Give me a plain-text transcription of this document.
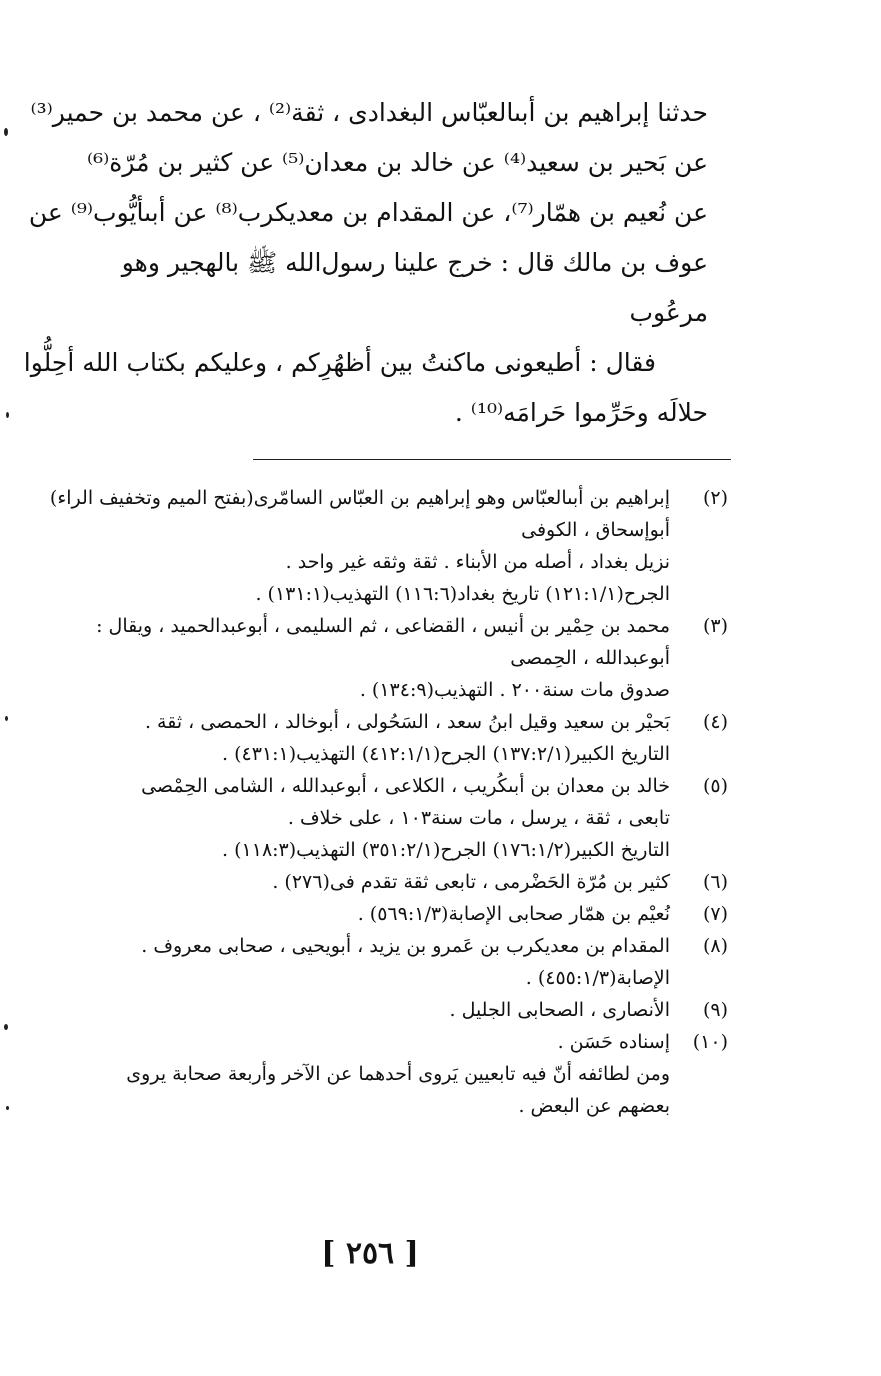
حدثنا إبراهيم بن أبىالعبّاس البغدادى ، ثقة⁽²⁾ ، عن محمد بن حمير⁽³⁾
عن بَحير بن سعيد⁽⁴⁾ عن خالد بن معدان⁽⁵⁾ عن كثير بن مُرّة⁽⁶⁾
عن نُعيم بن همّار⁽⁷⁾، عن المقدام بن معديكرب⁽⁸⁾ عن أبىأيُّوب⁽⁹⁾ عن
عوف بن مالك قال : خرج علينا رسول‌الله ﷺ بالهجير وهو
مرعُوب
فقال : أطيعونى ماكنتُ بين أظهُرِكم ، وعليكم بكتاب الله أحِلُّوا
حلالَه وحَرِّموا حَرامَه⁽¹⁰⁾ .
(٢)
إبراهيم بن أبىالعبّاس وهو إبراهيم بن العبّاس السامّرى(بفتح الميم وتخفيف الراء)
أبوإسحاق ، الكوفى
نزيل بغداد ، أصله من الأبناء . ثقة وثقه غير واحد .
الجرح(١٢١:١/١) تاريخ بغداد(١١٦:٦) التهذيب(١٣١:١) .
(٣)
محمد بن حِمْير بن أنيس ، القضاعى ، ثم السليمى ، أبوعبدالحميد ، ويقال :
أبوعبدالله ، الحِمصى
صدوق مات سنة٢٠٠ . التهذيب(١٣٤:٩) .
(٤)
بَحيْر بن سعيد وقيل ابنُ سعد ، السَحُولى ، أبوخالد ، الحمصى ، ثقة .
التاريخ الكبير(١٣٧:٢/١) الجرح(٤١٢:١/١) التهذيب(٤٣١:١) .
(٥)
خالد بن معدان بن أبىكُريب ، الكلاعى ، أبوعبدالله ، الشامى الحِمْصى
تابعى ، ثقة ، يرسل ، مات سنة١٠٣ ، على خلاف .
التاريخ الكبير(١٧٦:١/٢) الجرح(٣٥١:٢/١) التهذيب(١١٨:٣) .
(٦)
كثير بن مُرّة الحَضْرمى ، تابعى ثقة تقدم فى(٢٧٦) .
(٧)
نُعيْم بن همّار صحابى الإصابة(٥٦٩:١/٣) .
(٨)
المقدام بن معديكرب بن عَمرو بن يزيد ، أبويحيى ، صحابى معروف .
الإصابة(٤٥٥:١/٣) .
(٩)
الأنصارى ، الصحابى الجليل .
(١٠)
إسناده حَسَن .
ومن لطائفه أنّ فيه تابعيين يَروى أحدهما عن الآخر وأربعة صحابة يروى
بعضهم عن البعض .
[ ٢٥٦ ]
